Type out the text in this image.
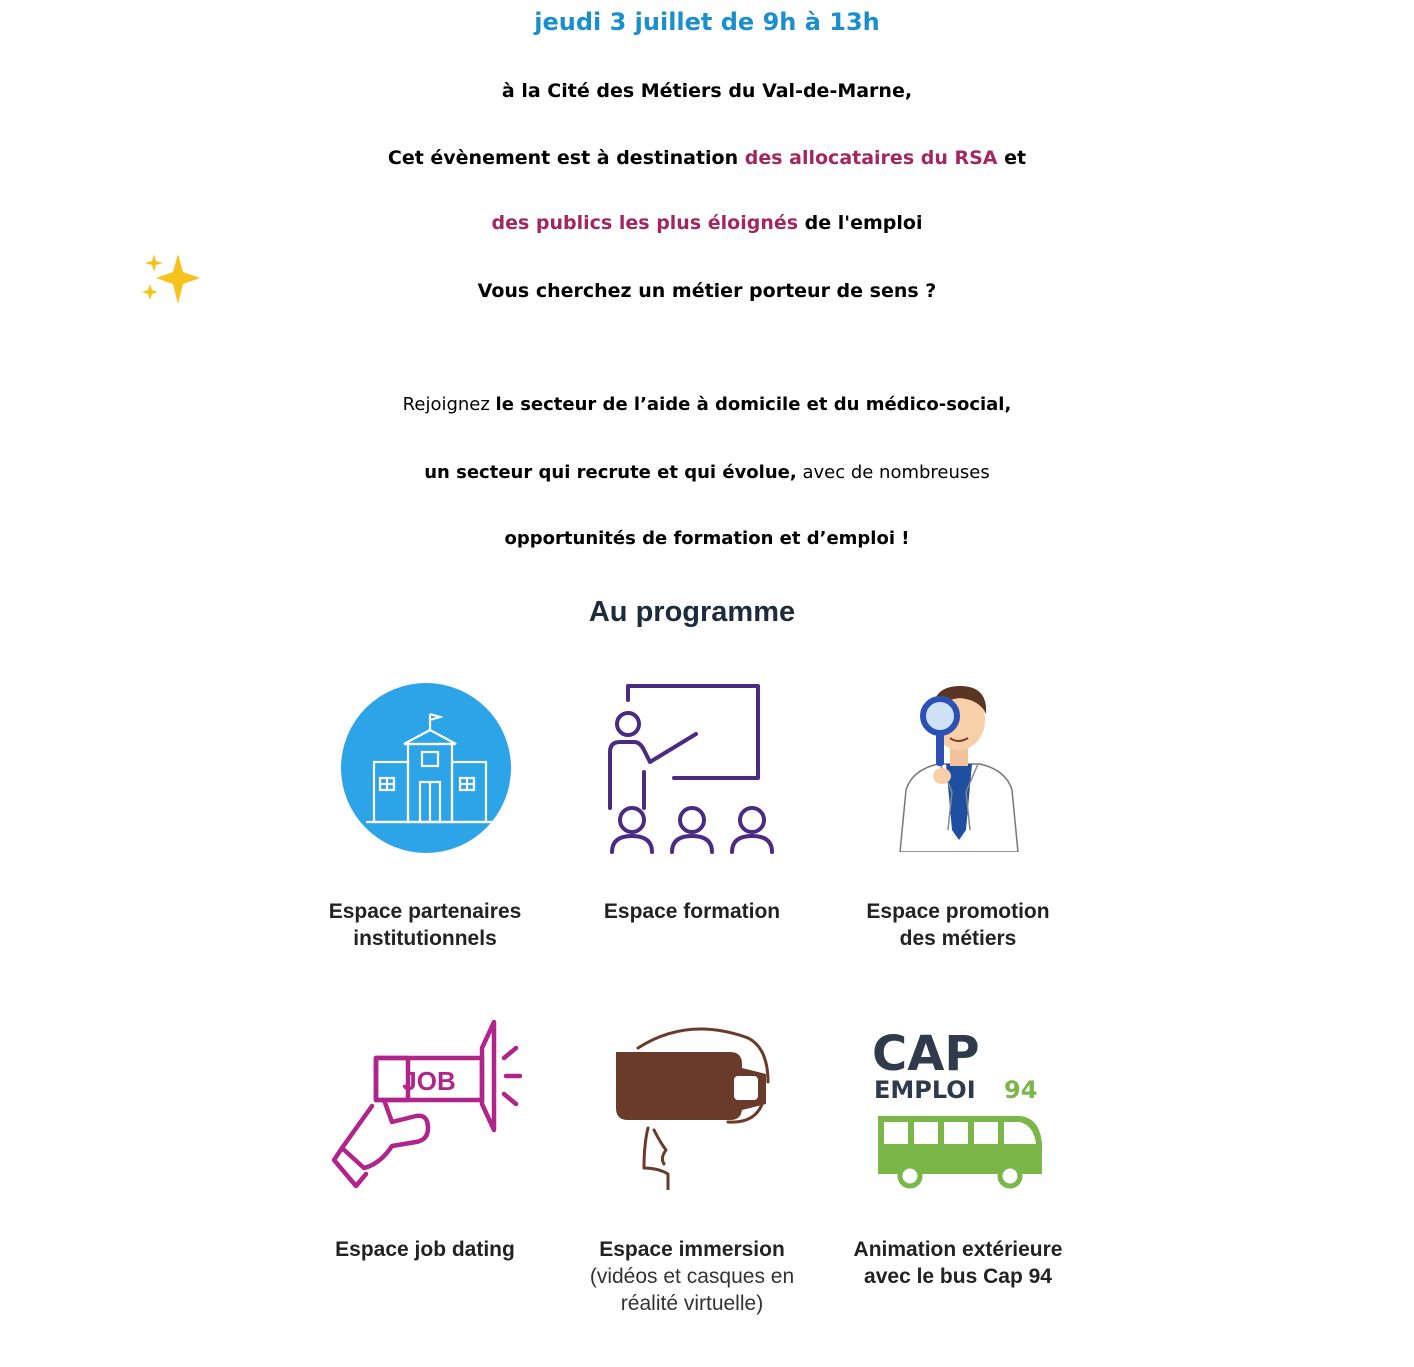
jeudi 3 juillet de 9h à 13h
à la Cité des Métiers du Val-de-Marne,
Cet évènement est à destination des allocataires du RSA et
des publics les plus éloignés de l'emploi
Vous cherchez un métier porteur de sens ?
Rejoignez le secteur de l’aide à domicile et du médico-social,
un secteur qui recrute et qui évolue, avec de nombreuses
opportunités de formation et d’emploi !
Au programme
Espace partenaires
institutionnels
Espace formation	Espace promotion
des métiers
JOB
Espace job dating	Espace immersion
(vidéos et casques en
réalité virtuelle)
CAP
EMPLOI 94
Animation extérieure
avec le bus Cap 94
